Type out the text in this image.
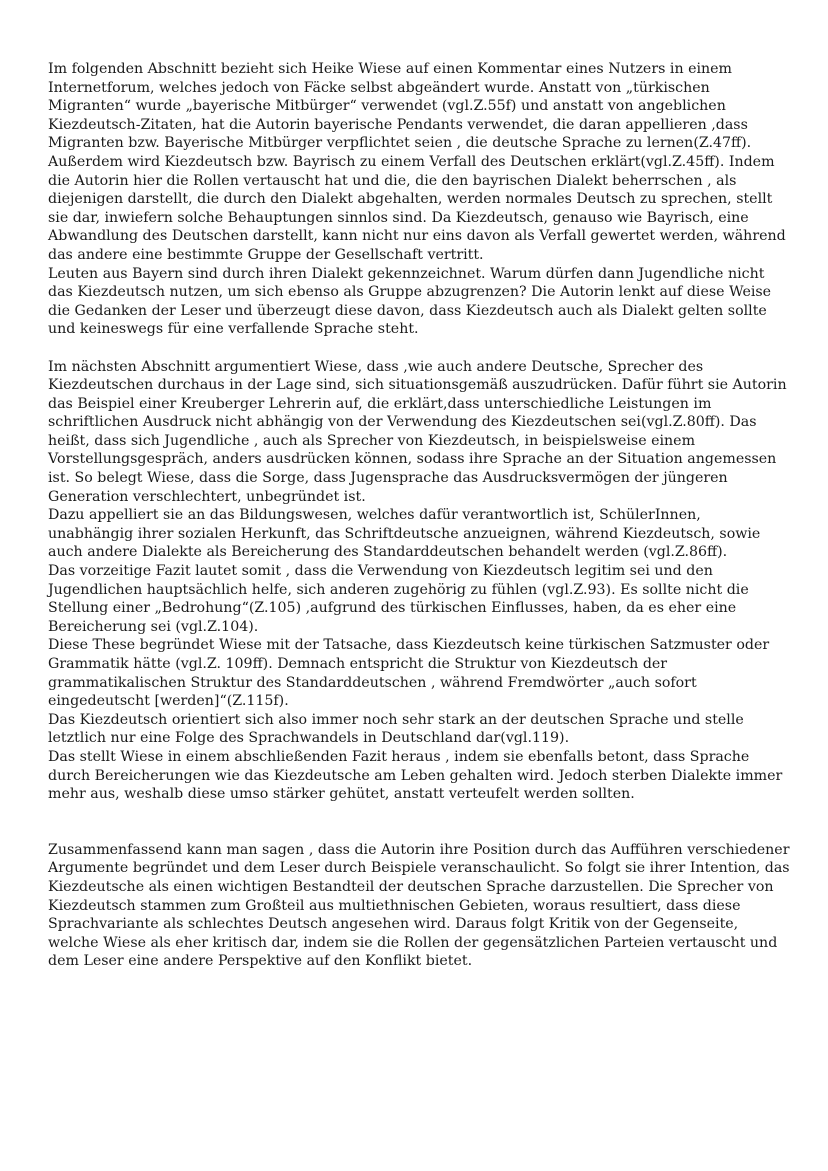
Im folgenden Abschnitt bezieht sich Heike Wiese auf einen Kommentar eines Nutzers in einem Internetforum, welches jedoch von Fäcke selbst abgeändert wurde. Anstatt von „türkischen Migranten“ wurde „bayerische Mitbürger“ verwendet (vgl.Z.55f) und anstatt von angeblichen Kiezdeutsch-Zitaten, hat die Autorin bayerische Pendants verwendet, die daran appellieren ,dass Migranten bzw. Bayerische Mitbürger verpflichtet seien , die deutsche Sprache zu lernen(Z.47ff).

Außerdem wird Kiezdeutsch bzw. Bayrisch zu einem Verfall des Deutschen erklärt(vgl.Z.45ff). Indem die Autorin hier die Rollen vertauscht hat und die, die den bayrischen Dialekt beherrschen , als diejenigen darstellt, die durch den Dialekt abgehalten, werden normales Deutsch zu sprechen, stellt sie dar, inwiefern solche Behauptungen sinnlos sind. Da Kiezdeutsch, genauso wie Bayrisch, eine Abwandlung des Deutschen darstellt, kann nicht nur eins davon als Verfall gewertet werden, während das andere eine bestimmte Gruppe der Gesellschaft vertritt.

Leuten aus Bayern sind durch ihren Dialekt gekennzeichnet. Warum dürfen dann Jugendliche nicht das Kiezdeutsch nutzen, um sich ebenso als Gruppe abzugrenzen? Die Autorin lenkt auf diese Weise die Gedanken der Leser und überzeugt diese davon, dass Kiezdeutsch auch als Dialekt gelten sollte und keineswegs für eine verfallende Sprache steht.

Im nächsten Abschnitt argumentiert Wiese, dass ,wie auch andere Deutsche, Sprecher des Kiezdeutschen durchaus in der Lage sind, sich situationsgemäß auszudrücken. Dafür führt sie Autorin das Beispiel einer Kreuberger Lehrerin auf, die erklärt,dass unterschiedliche Leistungen im schriftlichen Ausdruck nicht abhängig von der Verwendung des Kiezdeutschen sei(vgl.Z.80ff). Das heißt, dass sich Jugendliche , auch als Sprecher von Kiezdeutsch, in beispielsweise einem Vorstellungsgespräch, anders ausdrücken können, sodass ihre Sprache an der Situation angemessen ist. So belegt Wiese, dass die Sorge, dass Jugensprache das Ausdrucksvermögen der jüngeren Generation verschlechtert, unbegründet ist.

Dazu appelliert sie an das Bildungswesen, welches dafür verantwortlich ist, SchülerInnen, unabhängig ihrer sozialen Herkunft, das Schriftdeutsche anzueignen, während Kiezdeutsch, sowie auch andere Dialekte als Bereicherung des Standarddeutschen behandelt werden (vgl.Z.86ff).

Das vorzeitige Fazit lautet somit , dass die Verwendung von Kiezdeutsch legitim sei und den Jugendlichen hauptsächlich helfe, sich anderen zugehörig zu fühlen (vgl.Z.93). Es sollte nicht die Stellung einer „Bedrohung“(Z.105) ,aufgrund des türkischen Einflusses, haben, da es eher eine Bereicherung sei (vgl.Z.104).

Diese These begründet Wiese mit der Tatsache, dass Kiezdeutsch keine türkischen Satzmuster oder Grammatik hätte (vgl.Z. 109ff). Demnach entspricht die Struktur von Kiezdeutsch der grammatikalischen Struktur des Standarddeutschen , während Fremdwörter „auch sofort eingedeutscht [werden]“(Z.115f).

Das Kiezdeutsch orientiert sich also immer noch sehr stark an der deutschen Sprache und stelle letztlich nur eine Folge des Sprachwandels in Deutschland dar(vgl.119).

Das stellt Wiese in einem abschließenden Fazit heraus , indem sie ebenfalls betont, dass Sprache durch Bereicherungen wie das Kiezdeutsche am Leben gehalten wird. Jedoch sterben Dialekte immer mehr aus, weshalb diese umso stärker gehütet, anstatt verteufelt werden sollten.

Zusammenfassend kann man sagen , dass die Autorin ihre Position durch das Aufführen verschiedener Argumente begründet und dem Leser durch Beispiele veranschaulicht. So folgt sie ihrer Intention, das Kiezdeutsche als einen wichtigen Bestandteil der deutschen Sprache darzustellen. Die Sprecher von Kiezdeutsch stammen zum Großteil aus multiethnischen Gebieten, woraus resultiert, dass diese Sprachvariante als schlechtes Deutsch angesehen wird. Daraus folgt Kritik von der Gegenseite, welche Wiese als eher kritisch dar, indem sie die Rollen der gegensätzlichen Parteien vertauscht und dem Leser eine andere Perspektive auf den Konflikt bietet.
